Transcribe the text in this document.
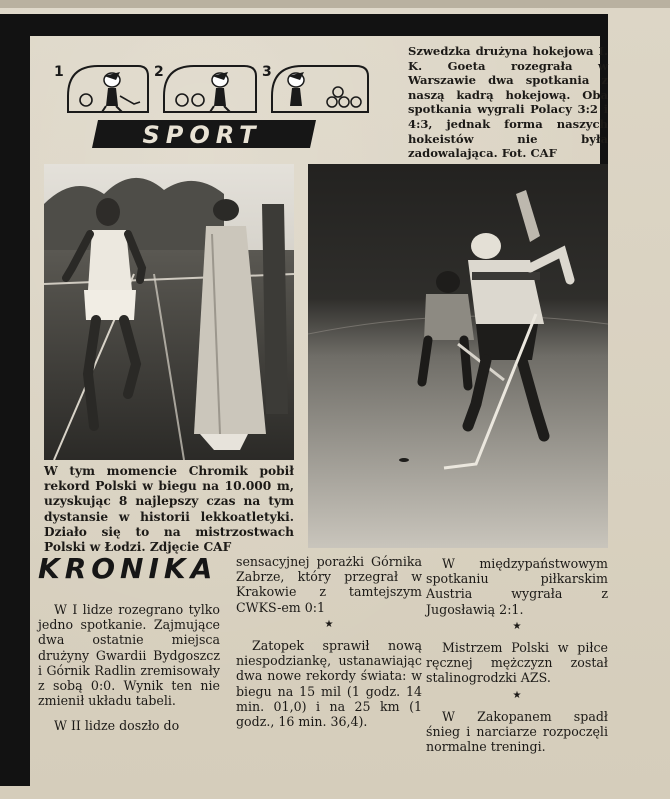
1	2	3
SPORT
Szwedzka drużyna hokejowa I. K. Goeta rozegrała w Warszawie dwa spotkania z naszą kadrą hokejową. Oba spotkania wygrali Polacy 3:2 i 4:3, jednak forma naszych hokeistów nie była zadowalająca. Fot. CAF
W tym momencie Chromik pobił rekord Polski w biegu na 10.000 m, uzyskując 8 najlepszy czas na tym dystansie w historii lekkoatletyki. Działo się to na mistrzostwach Polski w Łodzi. Zdjęcie CAF
KRONIKA

W I lidze rozegrano tylko jedno spotkanie. Zajmujące dwa ostatnie miejsca drużyny Gwardii Bydgoszcz i Górnik Radlin zremisowały z sobą 0:0. Wynik ten nie zmienił układu tabeli.

W II lidze doszło do

sensacyjnej porażki Górnika Zabrze, który przegrał w Krakowie z tamtejszym CWKS-em 0:1

★

Zatopek sprawił nową niespodziankę, ustanawiając dwa nowe rekordy świata: w biegu na 15 mil (1 godz. 14 min. 01,0) i na 25 km (1 godz., 16 min. 36,4).

W międzypaństwowym spotkaniu piłkarskim Austria wygrała z Jugosławią 2:1.

★

Mistrzem Polski w piłce ręcznej mężczyzn został stalinogrodzki AZS.

★

W Zakopanem spadł śnieg i narciarze rozpoczęli normalne treningi.
